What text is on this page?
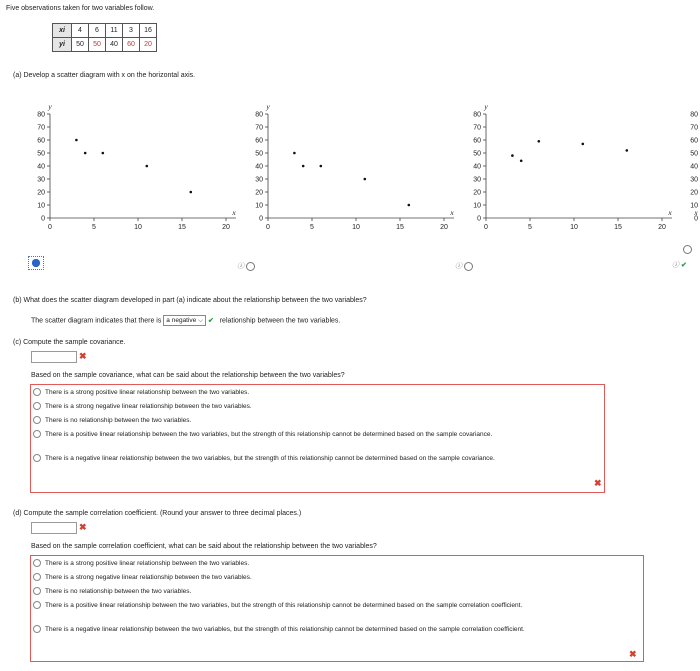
Five observations taken for two variables follow.
xi	4	6	11	3	16
yi	50	50	40	60	20
(a) Develop a scatter diagram with x on the horizontal axis.
80
70
60
50
40
30
20
10
0
0	5	10	15	20
y
x
80
70
60
50
40
30
20
10
0
0	5	10	15	20
y
x
80
70
60
50
40
30
20
10
0
0	5	10	15	20
y
x
80
70
60
50
40
30
20
10
0
x
ⓘ	ⓘ	ⓘ ✔
(b) What does the scatter diagram developed in part (a) indicate about the relationship between the two variables?
The scatter diagram indicates that there is a negative ⌵ ✔ relationship between the two variables.
(c) Compute the sample covariance.
✖
Based on the sample covariance, what can be said about the relationship between the two variables?
There is a strong positive linear relationship between the two variables.
There is a strong negative linear relationship between the two variables.
There is no relationship between the two variables.
There is a positive linear relationship between the two variables, but the strength of this relationship cannot be determined based on the sample covariance.
There is a negative linear relationship between the two variables, but the strength of this relationship cannot be determined based on the sample covariance.
✖
(d) Compute the sample correlation coefficient. (Round your answer to three decimal places.)
✖
Based on the sample correlation coefficient, what can be said about the relationship between the two variables?
There is a strong positive linear relationship between the two variables.
There is a strong negative linear relationship between the two variables.
There is no relationship between the two variables.
There is a positive linear relationship between the two variables, but the strength of this relationship cannot be determined based on the sample correlation coefficient.
There is a negative linear relationship between the two variables, but the strength of this relationship cannot be determined based on the sample correlation coefficient.
✖
